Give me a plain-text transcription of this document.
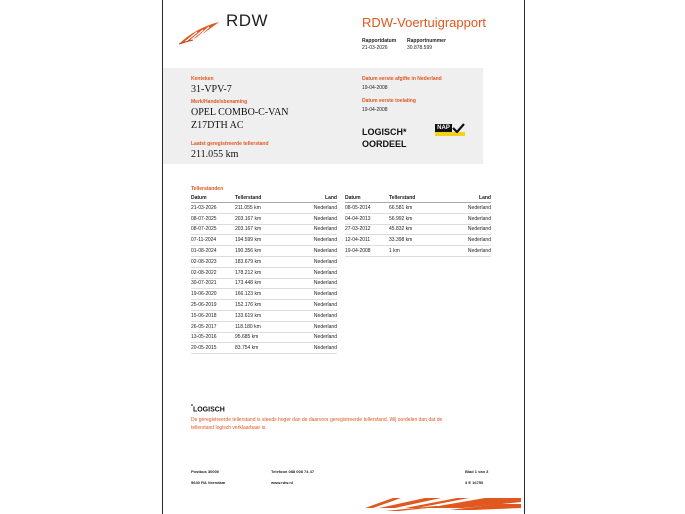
RDW	RDW-Voertuigrapport
Rapportdatum
21-03-2026
Rapportnummer
30.878.599
Kenteken
31-VPV-7
Merk/Handelsbenaming
OPEL COMBO-C-VAN
Z17DTH AC
Laatst geregistreerde tellerstand
211.055 km
Datum eerste afgifte in Nederland
19-04-2008
Datum eerste toelating
19-04-2008
LOGISCH*
OORDEEL
NAP
Tellerstanden
Datum	Tellerstand	Land
21-03-2026	211.055 km	Nederland
08-07-2025	203.167 km	Nederland
08-07-2025	203.167 km	Nederland
07-11-2024	194.599 km	Nederland
01-08-2024	190.356 km	Nederland
02-08-2023	183.679 km	Nederland
02-08-2022	178.212 km	Nederland
30-07-2021	173.448 km	Nederland
19-06-2020	166.123 km	Nederland
25-06-2019	152.176 km	Nederland
15-06-2018	133.619 km	Nederland
26-05-2017	118.180 km	Nederland
13-05-2016	95.685 km	Nederland
20-05-2015	83.754 km	Nederland
Datum	Tellerstand	Land
08-05-2014	66.581 km	Nederland
04-04-2013	56.992 km	Nederland
27-03-2012	45.832 km	Nederland
12-04-2011	33.398 km	Nederland
19-04-2008	1 km	Nederland
*LOGISCH
De geregistreerde tellerstand is steeds hoger dan de daarvoor geregistreerde tellerstand. Wij oordelen dan dat de
tellerstand logisch verklaarbaar is.
Postbus 30000
9640 RA Veendam
Telefoon 088 008 74 47
www.rdw.nl
Blad 1 van 3
3 E 16750
